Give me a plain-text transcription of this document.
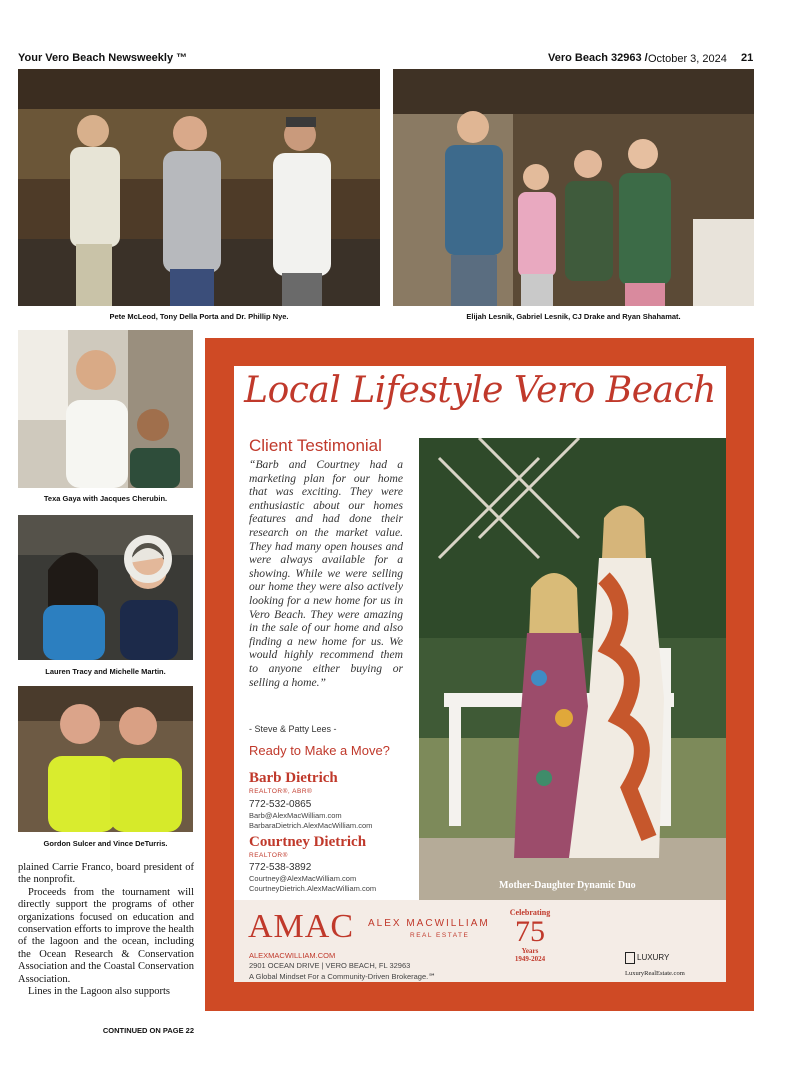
Your Vero Beach Newsweekly ™	Vero Beach 32963 / October 3, 2024 21
Pete McLeod, Tony Della Porta and Dr. Phillip Nye.	Elijah Lesnik, Gabriel Lesnik, CJ Drake and Ryan Shahamat.
Texa Gaya with Jacques Cherubin.
Lauren Tracy and Michelle Martin.
Gordon Sulcer and Vince DeTurris.

plained Carrie Franco, board president of the nonprofit.

Proceeds from the tournament will directly support the programs of other organizations focused on education and conservation efforts to improve the health of the lagoon and the ocean, including the Ocean Research & Conservation Association and the Coastal Conservation Association.

Lines in the Lagoon also supports

CONTINUED ON PAGE 22
Local Lifestyle Vero Beach
Client Testimonial
“Barb and Courtney had a marketing plan for our home that was exciting. They were enthusiastic about our homes features and had done their research on the market value. They had many open houses and were always available for a showing. While we were selling our home they were also actively looking for a new home for us in Vero Beach. They were amazing in the sale of our home and also finding a new home for us. We would highly recommend them to anyone either buying or selling a home.”
- Steve & Patty Lees -
Ready to Make a Move?
Barb Dietrich
REALTOR®, ABR®
772-532-0865
Barb@AlexMacWilliam.com
BarbaraDietrich.AlexMacWilliam.com
Courtney Dietrich
REALTOR®
772-538-3892
Courtney@AlexMacWilliam.com
CourtneyDietrich.AlexMacWilliam.com	Mother-Daughter Dynamic Duo
AMAC ALEX MACWILLIAM
REAL ESTATE
Celebrating
75
Years
1949-2024
ALEXMACWILLIAM.COM
2901 OCEAN DRIVE | VERO BEACH, FL 32963
A Global Mindset For a Community-Driven Brokerage.℠
LUXURY
LuxuryRealEstate.com
